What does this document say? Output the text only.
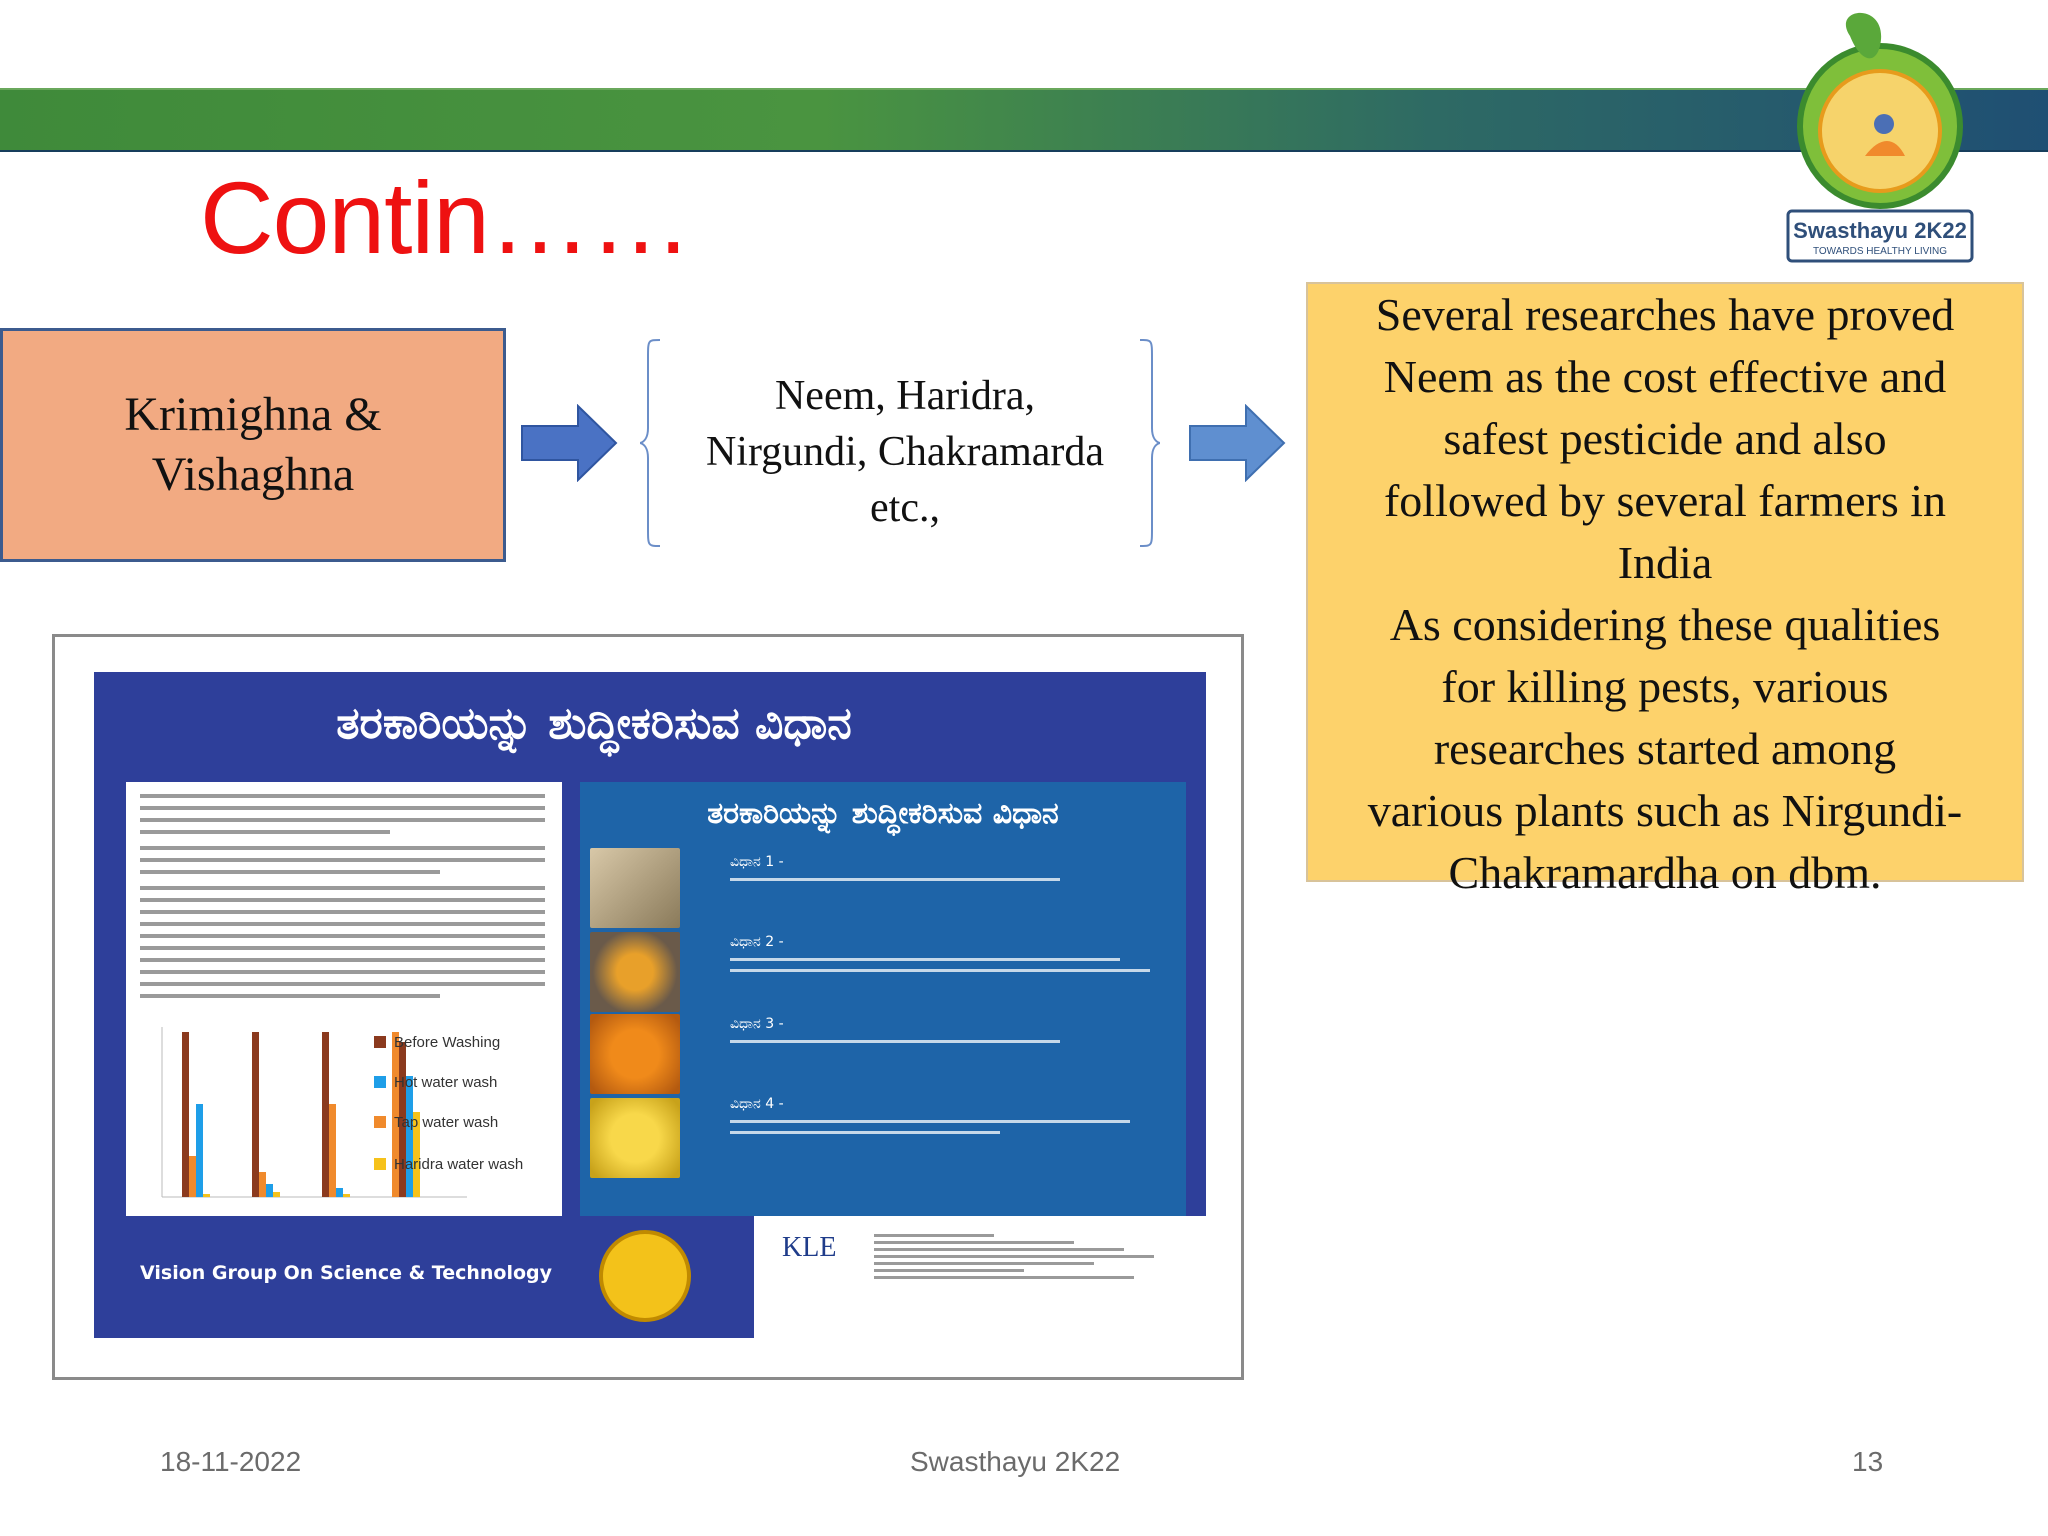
Swasthayu 2K22
TOWARDS HEALTHY LIVING
Contin……
Krimighna &
Vishaghna
Neem, Haridra,
Nirgundi, Chakramarda
etc.,

Several researches have proved

Neem as the cost effective and

safest pesticide and also

followed by several farmers in

India

As considering these qualities

for killing pests, various

researches started among

various plants such as Nirgundi-

Chakramardha on dbm.

ತರಕಾರಿಯನ್ನು ಶುದ್ಧೀಕರಿಸುವ ವಿಧಾನ
Before Washing
Hot water wash
Tap water wash
Haridra water wash
ತರಕಾರಿಯನ್ನು ಶುದ್ಧೀಕರಿಸುವ ವಿಧಾನ
ವಿಧಾನ 1 -
ವಿಧಾನ 2 -
ವಿಧಾನ 3 -
ವಿಧಾನ 4 -
Vision Group On Science & Technology
KLE
18-11-2022	Swasthayu 2K22	13
